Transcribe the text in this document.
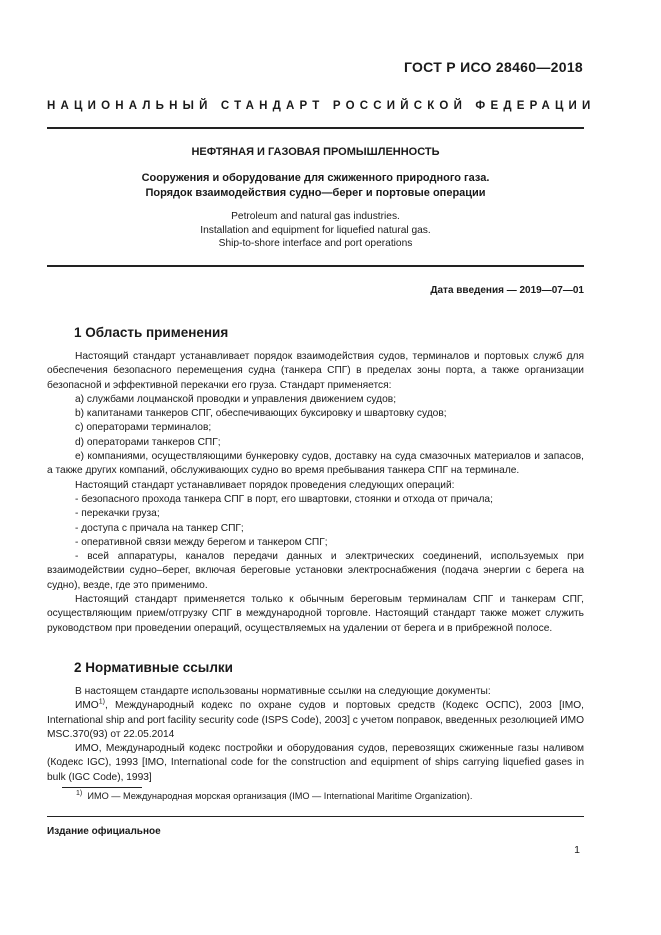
ГОСТ Р ИСО 28460—2018
НАЦИОНАЛЬНЫЙ СТАНДАРТ РОССИЙСКОЙ ФЕДЕРАЦИИ
НЕФТЯНАЯ И ГАЗОВАЯ ПРОМЫШЛЕННОСТЬ
Сооружения и оборудование для сжиженного природного газа.
Порядок взаимодействия судно—берег и портовые операции
Petroleum and natural gas industries.
Installation and equipment for liquefied natural gas.
Ship-to-shore interface and port operations
Дата введения — 2019—07—01
1 Область применения

Настоящий стандарт устанавливает порядок взаимодействия судов, терминалов и портовых служб для обеспечения безопасного перемещения судна (танкера СПГ) в пределах зоны порта, а также организации безопасной и эффективной перекачки его груза. Стандарт применяется:

a) службами лоцманской проводки и управления движением судов;

b) капитанами танкеров СПГ, обеспечивающих буксировку и швартовку судов;

c) операторами терминалов;

d) операторами танкеров СПГ;

e) компаниями, осуществляющими бункеровку судов, доставку на суда смазочных материалов и запасов, а также других компаний, обслуживающих судно во время пребывания танкера СПГ на терминале.

Настоящий стандарт устанавливает порядок проведения следующих операций:

- безопасного прохода танкера СПГ в порт, его швартовки, стоянки и отхода от причала;

- перекачки груза;

- доступа с причала на танкер СПГ;

- оперативной связи между берегом и танкером СПГ;

- всей аппаратуры, каналов передачи данных и электрических соединений, используемых при взаимодействии судно–берег, включая береговые установки электроснабжения (подача энергии с берега на судно), везде, где это применимо.

Настоящий стандарт применяется только к обычным береговым терминалам СПГ и танкерам СПГ, осуществляющим прием/отгрузку СПГ в международной торговле. Настоящий стандарт также может служить руководством при проведении операций, осуществляемых на удалении от берега и в прибрежной полосе.

2 Нормативные ссылки

В настоящем стандарте использованы нормативные ссылки на следующие документы:

ИМО$^{1)}$, Международный кодекс по охране судов и портовых средств (Кодекс ОСПС), 2003 [IMO, International ship and port facility security code (ISPS Code), 2003] с учетом поправок, введенных резолюцией ИМО MSC.370(93) от 22.05.2014

ИМО, Международный кодекс постройки и оборудования судов, перевозящих сжиженные газы наливом (Кодекс IGC), 1993 [IMO, International code for the construction and equipment of ships carrying liquefied gases in bulk (IGC Code), 1993]

$^{1)}$ ИМО — Международная морская организация (IMO — International Maritime Organization).
Издание официальное
1
